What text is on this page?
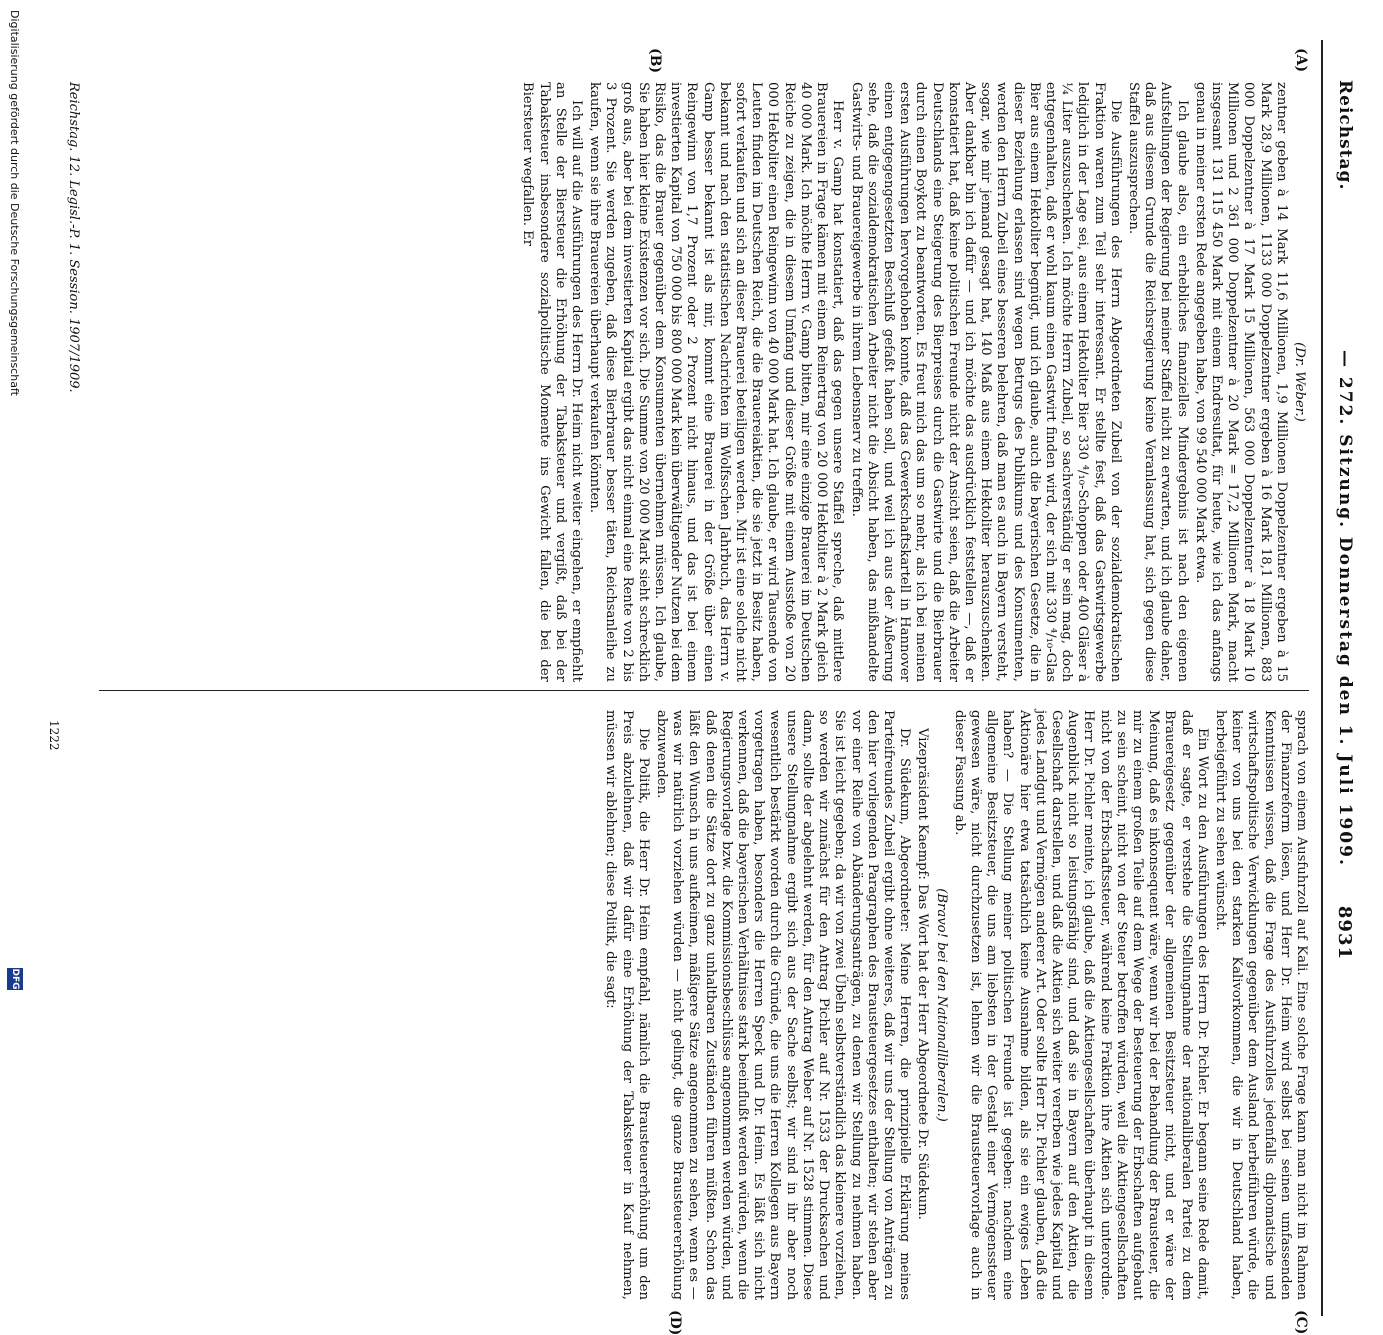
Reichstag.
— 272. Sitzung. Donnerstag den 1. Juli 1909.
8931
(A)
(B)
(C)
(D)

(Dr. Weber.)

zentner geben à 14 Mark 11,6 Millionen, 1,9 Millionen Doppelzentner ergeben à 15 Mark 28,9 Millionen, 1133 000 Doppelzentner ergeben à 16 Mark 18,1 Millionen, 883 000 Doppelzentner à 17 Mark 15 Millionen, 563 000 Doppelzentner à 18 Mark 10 Millionen und 2 361 000 Doppelzentner à 20 Mark = 17,2 Millionen Mark, macht insgesamt 131 115 450 Mark mit einem Endresultat, für heute, wie ich das anfangs genau in meiner ersten Rede angegeben habe, von 99 540 000 Mark etwa.

Ich glaube also, ein erhebliches finanzielles Mindergebnis ist nach den eigenen Aufstellungen der Regierung bei meiner Staffel nicht zu erwarten, und ich glaube daher, daß aus diesem Grunde die Reichsregierung keine Veranlassung hat, sich gegen diese Staffel auszusprechen.

Die Ausführungen des Herrn Abgeordneten Zubeil von der sozialdemokratischen Fraktion waren zum Teil sehr interessant. Er stellte fest, daß das Gastwirtsgewerbe lediglich in der Lage sei, aus einem Hektoliter Bier 330 ⁴/₁₀-Schoppen oder 400 Gläser à ¼ Liter auszuschenken. Ich möchte Herrn Zubeil, so sachverständig er sein mag, doch entgegenhalten, daß er wohl kaum einen Gastwirt finden wird, der sich mit 330 ⁴/₁₀-Glas Bier aus einem Hektoliter begnügt, und ich glaube, auch die bayerischen Gesetze, die in dieser Beziehung erlassen sind wegen Betrugs des Publikums und des Konsumenten, werden den Herrn Zubeil eines besseren belehren, daß man es auch in Bayern versteht, sogar, wie mir jemand gesagt hat, 140 Maß aus einem Hektoliter herauszuschenken. Aber dankbar bin ich dafür — und ich möchte das ausdrücklich feststellen —, daß er konstatiert hat, daß keine politischen Freunde nicht der Ansicht seien, daß die Arbeiter Deutschlands eine Steigerung des Bierpreises durch die Gastwirte und die Bierbrauer durch einen Boykott zu beantworten. Es freut mich das um so mehr, als ich bei meinen ersten Ausführungen hervorgehoben konnte, daß das Gewerkschaftskartell in Hannover einen entgegengesetzten Beschluß gefaßt haben soll, und weil ich aus der Äußerung sehe, daß die sozialdemokratischen Arbeiter nicht die Absicht haben, das mißhandelte Gastwirts- und Brauereigewerbe in ihrem Lebensnerv zu treffen.

Herr v. Gamp hat konstatiert, daß das gegen unsere Staffel spreche, daß mittlere Brauereien in Frage kämen mit einem Reinertrag von 20 000 Hektoliter à 2 Mark gleich 40 000 Mark. Ich möchte Herrn v. Gamp bitten, mir eine einzige Brauerei im Deutschen Reiche zu zeigen, die in diesem Umfang und dieser Größe mit einem Ausstoße von 20 000 Hektoliter einen Reingewinn von 40 000 Mark hat. Ich glaube, er wird Tausende von Leuten finden im Deutschen Reich, die die Brauereiaktien, die sie jetzt in Besitz haben, sofort verkaufen und sich an dieser Brauerei beteiligen werden. Mir ist eine solche nicht bekannt und nach den statistischen Nachrichten im Wolfsschen Jahrbuch, das Herrn v. Gamp besser bekannt ist als mir, kommt eine Brauerei in der Größe über einen Reingewinn von 1,7 Prozent oder 2 Prozent nicht hinaus, und das ist bei einem investierten Kapital von 750 000 bis 800 000 Mark kein überwältigender Nutzen bei dem Risiko, das die Brauer gegenüber dem Konsumenten übernehmen müssen. Ich glaube, Sie haben hier kleine Existenzen vor sich. Die Summe von 20 000 Mark sieht schrecklich groß aus, aber bei dem investierten Kapital ergibt das nicht einmal eine Rente von 2 bis 3 Prozent. Sie werden zugeben, daß diese Bierbrauer besser täten, Reichsanleihe zu kaufen, wenn sie ihre Brauereien überhaupt verkaufen könnten.

Ich will auf die Ausführungen des Herrn Dr. Heim nicht weiter eingehen, er empfiehlt an Stelle der Biersteuer die Erhöhung der Tabaksteuer und vergißt, daß bei der Tabaksteuer insbesondere sozialpolitische Momente ins Gewicht fallen, die bei der Biersteuer wegfallen. Er

sprach von einem Ausfuhrzoll auf Kali. Eine solche Frage kann man nicht im Rahmen der Finanzreform lösen, und Herr Dr. Heim wird selbst bei seinen umfassenden Kenntnissen wissen, daß die Frage des Ausfuhrzolles jedenfalls diplomatische und wirtschaftspolitische Verwicklungen gegenüber dem Ausland herbeiführen würde, die keiner von uns bei den starken Kalivorkommen, die wir in Deutschland haben, herbeigeführt zu sehen wünscht.

Ein Wort zu den Ausführungen des Herrn Dr. Pichler. Er begann seine Rede damit, daß er sagte, er verstehe die Stellungnahme der nationalliberalen Partei zu dem Brauereigesetz gegenüber der allgemeinen Besitzsteuer nicht, und er wäre der Meinung, daß es inkonsequent wäre, wenn wir bei der Behandlung der Brausteuer, die mir zu einem großen Teile auf dem Wege der Besteuerung der Erbschaften aufgebaut zu sein scheint, nicht von der Steuer betroffen würden, weil die Aktiengesellschaften nicht von der Erbschaftssteuer, während keine Fraktion ihre Aktien sich unterordne. Herr Dr. Pichler meinte, ich glaube, daß die Aktiengesellschaften überhaupt in diesem Augenblick nicht so leistungsfähig sind, und daß sie in Bayern auf den Aktien, die Gesellschaft darstellen, und daß die Aktien sich weiter vererben wie jedes Kapital und jedes Landgut und Vermögen anderer Art. Oder sollte Herr Dr. Pichler glauben, daß die Aktionäre hier etwa tatsächlich keine Ausnahme bilden, als sie ein ewiges Leben haben? — Die Stellung meiner politischen Freunde ist gegeben: nachdem eine allgemeine Besitzsteuer, die uns am liebsten in der Gestalt einer Vermögenssteuer gewesen wäre, nicht durchzusetzen ist, lehnen wir die Brausteuervorlage auch in dieser Fassung ab.

(Bravo! bei den Nationalliberalen.)

Vizepräsident Kaempf: Das Wort hat der Herr Abgeordnete Dr. Südekum.

Dr. Südekum, Abgeordneter: Meine Herren, die prinzipielle Erklärung meines Parteifreundes Zubeil ergibt ohne weiteres, daß wir uns der Stellung von Anträgen zu den hier vorliegenden Paragraphen des Brausteuergesetzes enthalten; wir stehen aber vor einer Reihe von Abänderungsanträgen, zu denen wir Stellung zu nehmen haben. Sie ist leicht gegeben; da wir von zwei Übeln selbstverständlich das kleinere vorziehen, so werden wir zunächst für den Antrag Pichler auf Nr. 1533 der Drucksachen und dann, sollte der abgelehnt werden, für den Antrag Weber auf Nr. 1528 stimmen. Diese unsere Stellungnahme ergibt sich aus der Sache selbst; wir sind in ihr aber noch wesentlich bestärkt worden durch die Gründe, die uns die Herren Kollegen aus Bayern vorgetragen haben, besonders die Herren Speck und Dr. Heim. Es läßt sich nicht verkennen, daß die bayerischen Verhältnisse stark beeinflußt werden würden, wenn die Regierungsvorlage bzw. die Kommissionsbeschlüsse angenommen werden würden, und daß denen die Sätze dort zu ganz unhaltbaren Zuständen führen müßten. Schon das läßt den Wunsch in uns aufkeimen, mäßigere Sätze angenommen zu sehen, wenn es — was wir natürlich vorziehen würden — nicht gelingt, die ganze Brausteuererhöhung abzuwenden.

Die Politik, die Herr Dr. Heim empfahl, nämlich die Brausteuererhöhung um den Preis abzulehnen, daß wir dafür eine Erhöhung der Tabaksteuer in Kauf nehmen, müssen wir ablehnen; diese Politik, die sagt:

Reichstag. 12. Legisl.-P. 1. Session. 1907/1909.
1222
Digitalisierung gefördert durch die Deutsche Forschungsgemeinschaft
DFG
